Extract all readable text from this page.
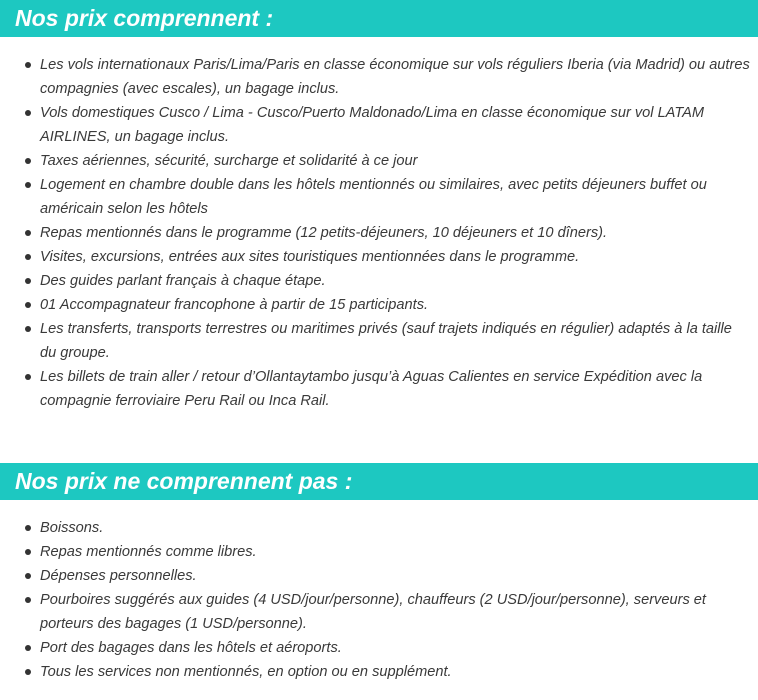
Nos prix comprennent :
Les vols internationaux Paris/Lima/Paris en classe économique sur vols réguliers Iberia (via Madrid) ou autres compagnies (avec escales), un bagage inclus.
Vols domestiques Cusco / Lima - Cusco/Puerto Maldonado/Lima en classe économique sur vol LATAM AIRLINES, un bagage inclus.
Taxes aériennes, sécurité, surcharge et solidarité à ce jour
Logement en chambre double dans les hôtels mentionnés ou similaires, avec petits déjeuners buffet ou américain selon les hôtels
Repas mentionnés dans le programme (12 petits-déjeuners, 10 déjeuners et 10 dîners).
Visites, excursions, entrées aux sites touristiques mentionnées dans le programme.
Des guides parlant français à chaque étape.
01 Accompagnateur francophone à partir de 15 participants.
Les transferts, transports terrestres ou maritimes privés (sauf trajets indiqués en régulier) adaptés à la taille du groupe.
Les billets de train aller / retour d’Ollantaytambo jusqu’à Aguas Calientes en service Expédition avec la compagnie ferroviaire Peru Rail ou Inca Rail.
Nos prix ne comprennent pas :
Boissons.
Repas mentionnés comme libres.
Dépenses personnelles.
Pourboires suggérés aux guides (4 USD/jour/personne), chauffeurs (2 USD/jour/personne), serveurs et porteurs des bagages (1 USD/personne).
Port des bagages dans les hôtels et aéroports.
Tous les services non mentionnés, en option ou en supplément.
